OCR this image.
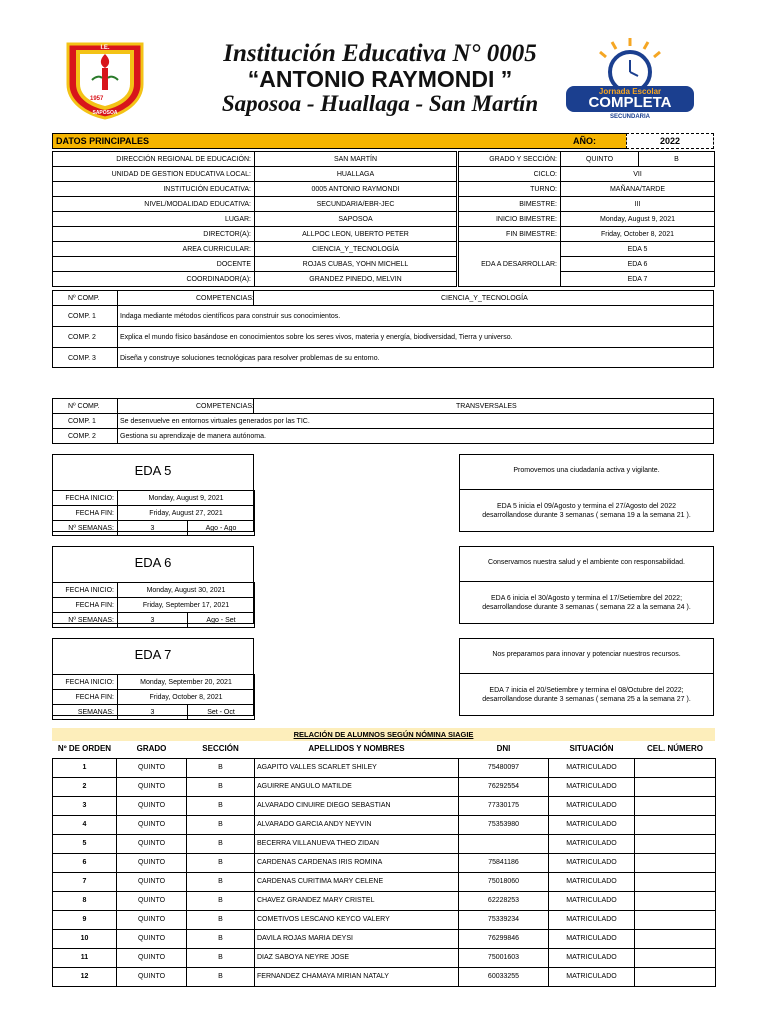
I.E.
1957
SAPOSOA
Institución Educativa N° 0005
“ANTONIO RAYMONDI ”
Saposoa - Huallaga - San Martín	Jornada Escolar
COMPLETA
SECUNDARIA
DATOS PRINCIPALES	AÑO:	2022
DIRECCIÓN REGIONAL DE EDUCACIÓN:	SAN MARTÍN
UNIDAD DE GESTION EDUCATIVA LOCAL:	HUALLAGA
INSTITUCIÓN EDUCATIVA:	0005 ANTONIO RAYMONDI
NIVEL/MODALIDAD EDUCATIVA:	SECUNDARIA/EBR-JEC
LUGAR:	SAPOSOA
DIRECTOR(A):	ALLPOC LEON, UBERTO PETER
AREA CURRICULAR:	CIENCIA_Y_TECNOLOGÍA
DOCENTE	ROJAS CUBAS, YOHN MICHELL
COORDINADOR(A):	GRANDEZ PINEDO, MELVIN
GRADO Y SECCIÓN:	QUINTO	B
CICLO:	VII	
TURNO:	MAÑANA/TARDE	
BIMESTRE:	III	
INICIO BIMESTRE:	Monday, August 9, 2021	
FIN BIMESTRE:	Friday, October 8, 2021	
EDA A DESARROLLAR:	EDA 5	
	EDA 6	
	EDA 7	
Nº COMP.	COMPETENCIAS:	CIENCIA_Y_TECNOLOGÍA
COMP. 1	Indaga mediante métodos científicos para construir sus conocimientos.
COMP. 2	Explica el mundo físico basándose en conocimientos sobre los seres vivos, materia y energía, biodiversidad, Tierra y universo.
COMP. 3	Diseña y construye soluciones tecnológicas para resolver problemas de su entorno.
Nº COMP.	COMPETENCIAS:	TRANSVERSALES
COMP. 1	Se desenvuelve en entornos virtuales generados por las TIC.
COMP. 2	Gestiona su aprendizaje de manera autónoma.
EDA 5
FECHA INICIO:	Monday, August 9, 2021	
FECHA FIN:	Friday, August 27, 2021	
Nº SEMANAS:	3	Ago - Ago
Promovemos una ciudadanía activa y vigilante.
EDA 5 inicia el 09/Agosto y termina el 27/Agosto del 2022
desarrollandose durante 3 semanas ( semana 19 a la semana 21 ).
EDA 6
FECHA INICIO:	Monday, August 30, 2021	
FECHA FIN:	Friday, September 17, 2021	
Nº SEMANAS:	3	Ago - Set
Conservamos nuestra salud y el ambiente con responsabilidad.
EDA 6 inicia el 30/Agosto y termina el 17/Setiembre del 2022;
desarrollandose durante 3 semanas ( semana 22 a la semana 24 ).
EDA 7
FECHA INICIO:	Monday, September 20, 2021	
FECHA FIN:	Friday, October 8, 2021	
SEMANAS:	3	Set - Oct
Nos preparamos para innovar y potenciar nuestros recursos.
EDA 7 inicia el 20/Setiembre y termina el 08/Octubre del 2022;
desarrollandose durante 3 semanas ( semana 25 a la semana 27 ).
RELACIÓN DE ALUMNOS SEGÚN NÓMINA SIAGIE
Nº DE ORDEN	GRADO	SECCIÓN	APELLIDOS Y NOMBRES	DNI	SITUACIÓN	CEL. NÚMERO
1	QUINTO	B	AGAPITO VALLES SCARLET SHILEY	75480097	MATRICULADO	
2	QUINTO	B	AGUIRRE ANGULO MATILDE	76292554	MATRICULADO	
3	QUINTO	B	ALVARADO CINUIRE DIEGO SEBASTIAN	77330175	MATRICULADO	
4	QUINTO	B	ALVARADO GARCIA ANDY NEYVIN	75353980	MATRICULADO	
5	QUINTO	B	BECERRA VILLANUEVA THEO ZIDAN		MATRICULADO	
6	QUINTO	B	CARDENAS CARDENAS IRIS ROMINA	75841186	MATRICULADO	
7	QUINTO	B	CARDENAS CURITIMA MARY CELENE	75018060	MATRICULADO	
8	QUINTO	B	CHAVEZ GRANDEZ MARY CRISTEL	62228253	MATRICULADO	
9	QUINTO	B	COMETIVOS LESCANO KEYCO VALERY	75339234	MATRICULADO	
10	QUINTO	B	DAVILA ROJAS MARIA DEYSI	76299846	MATRICULADO	
11	QUINTO	B	DIAZ SABOYA NEYRE JOSE	75001603	MATRICULADO	
12	QUINTO	B	FERNANDEZ CHAMAYA MIRIAN NATALY	60033255	MATRICULADO	
